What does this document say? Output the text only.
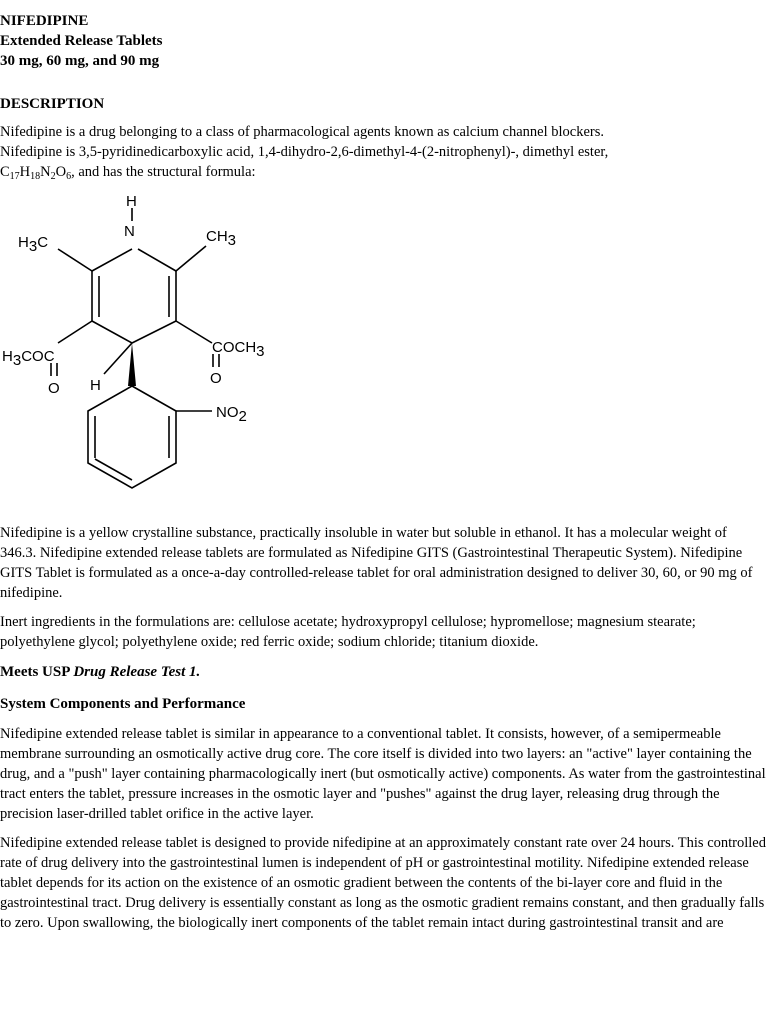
NIFEDIPINE
Extended Release Tablets
30 mg, 60 mg, and 90 mg
DESCRIPTION

Nifedipine is a drug belonging to a class of pharmacological agents known as calcium channel blockers.
Nifedipine is 3,5-pyridinedicarboxylic acid, 1,4-dihydro-2,6-dimethyl-4-(2-nitrophenyl)-, dimethyl ester,
$C_{17}H_{18}N_2O_6$, and has the structural formula:

H
N
H3C	CH3
H3COC
O
COCH3
O
H
NO2

Nifedipine is a yellow crystalline substance, practically insoluble in water but soluble in ethanol. It has a molecular weight of 346.3. Nifedipine extended release tablets are formulated as Nifedipine GITS (Gastrointestinal Therapeutic System). Nifedipine GITS Tablet is formulated as a once-a-day controlled-release tablet for oral administration designed to deliver 30, 60, or 90 mg of nifedipine.

Inert ingredients in the formulations are: cellulose acetate; hydroxypropyl cellulose; hypromellose; magnesium stearate; polyethylene glycol; polyethylene oxide; red ferric oxide; sodium chloride; titanium dioxide.

Meets USP Drug Release Test 1.
System Components and Performance

Nifedipine extended release tablet is similar in appearance to a conventional tablet. It consists, however, of a semipermeable membrane surrounding an osmotically active drug core. The core itself is divided into two layers: an "active" layer containing the drug, and a "push" layer containing pharmacologically inert (but osmotically active) components. As water from the gastrointestinal tract enters the tablet, pressure increases in the osmotic layer and "pushes" against the drug layer, releasing drug through the precision laser-drilled tablet orifice in the active layer.

Nifedipine extended release tablet is designed to provide nifedipine at an approximately constant rate over 24 hours. This controlled rate of drug delivery into the gastrointestinal lumen is independent of pH or gastrointestinal motility. Nifedipine extended release tablet depends for its action on the existence of an osmotic gradient between the contents of the bi-layer core and fluid in the gastrointestinal tract. Drug delivery is essentially constant as long as the osmotic gradient remains constant, and then gradually falls to zero. Upon swallowing, the biologically inert components of the tablet remain intact during gastrointestinal transit and are
